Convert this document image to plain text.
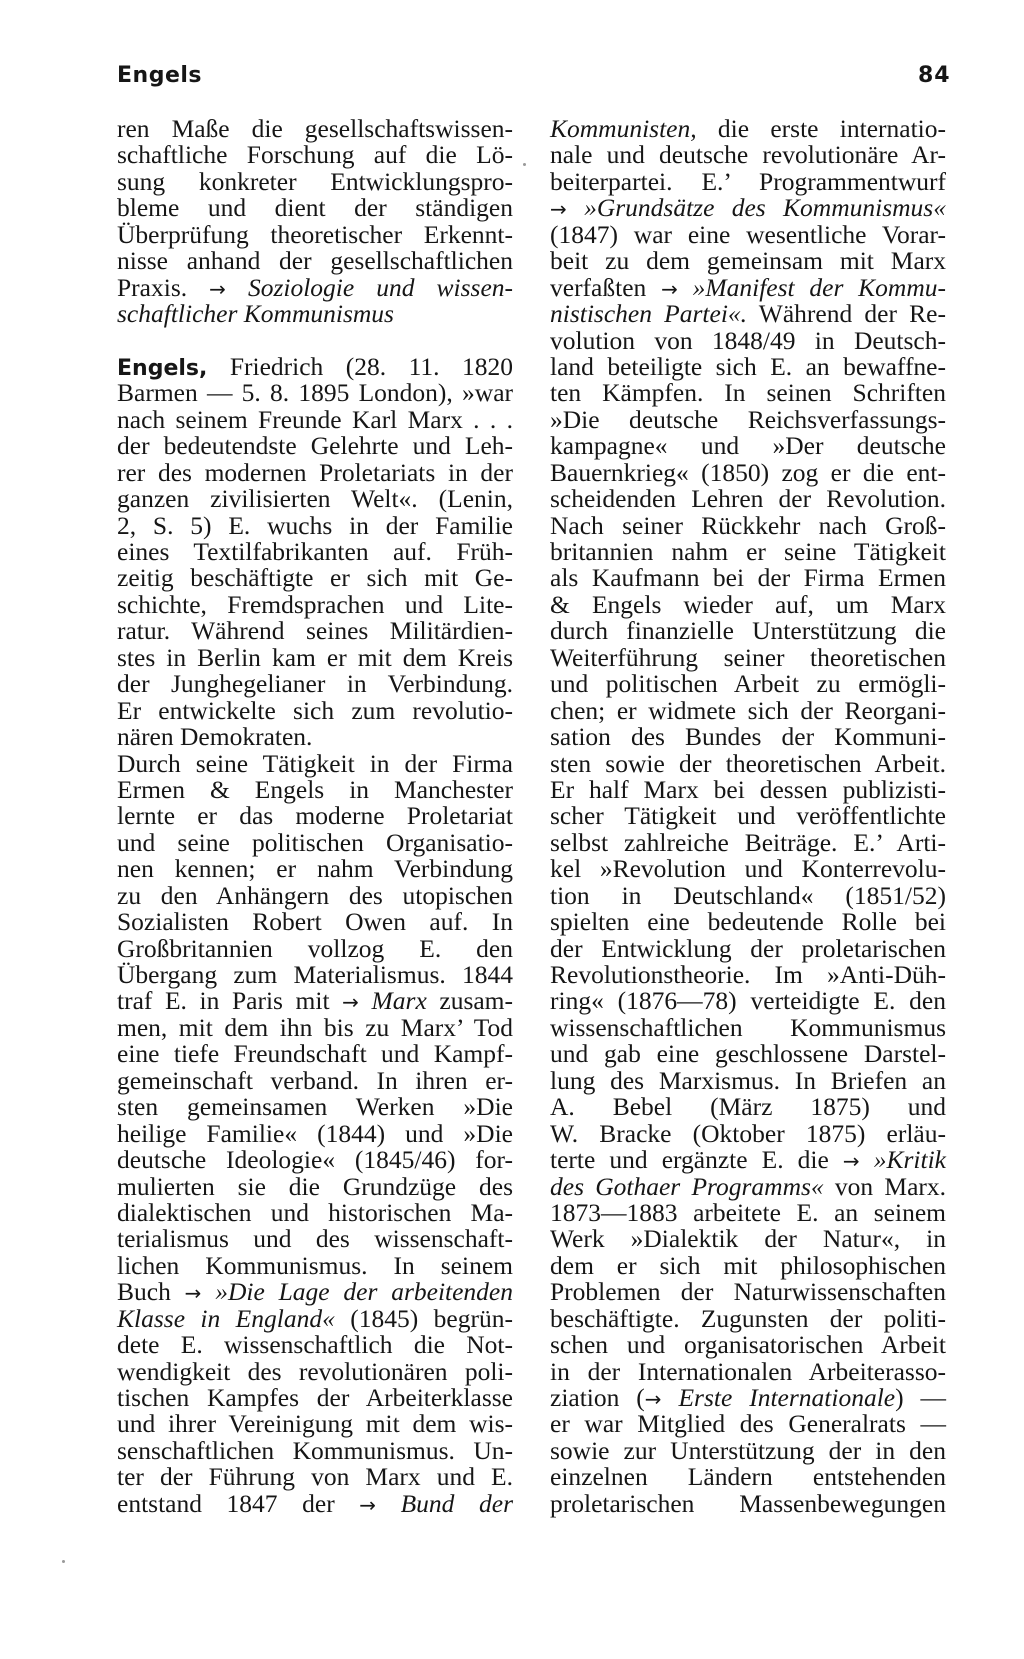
Engels	84
ren Maße die gesellschaftswissen-
schaftliche Forschung auf die Lö-
sung konkreter Entwicklungspro-
bleme und dient der ständigen
Überprüfung theoretischer Erkennt-
nisse anhand der gesellschaftlichen
Praxis. → Soziologie und wissen-
schaftlicher Kommunismus
Engels, Friedrich (28. 11. 1820
Barmen — 5. 8. 1895 London), »war
nach seinem Freunde Karl Marx . . .
der bedeutendste Gelehrte und Leh-
rer des modernen Proletariats in der
ganzen zivilisierten Welt«. (Lenin,
2, S. 5) E. wuchs in der Familie
eines Textilfabrikanten auf. Früh-
zeitig beschäftigte er sich mit Ge-
schichte, Fremdsprachen und Lite-
ratur. Während seines Militärdien-
stes in Berlin kam er mit dem Kreis
der Junghegelianer in Verbindung.
Er entwickelte sich zum revolutio-
nären Demokraten.
Durch seine Tätigkeit in der Firma
Ermen & Engels in Manchester
lernte er das moderne Proletariat
und seine politischen Organisatio-
nen kennen; er nahm Verbindung
zu den Anhängern des utopischen
Sozialisten Robert Owen auf. In
Großbritannien vollzog E. den
Übergang zum Materialismus. 1844
traf E. in Paris mit → Marx zusam-
men, mit dem ihn bis zu Marx’ Tod
eine tiefe Freundschaft und Kampf-
gemeinschaft verband. In ihren er-
sten gemeinsamen Werken »Die
heilige Familie« (1844) und »Die
deutsche Ideologie« (1845/46) for-
mulierten sie die Grundzüge des
dialektischen und historischen Ma-
terialismus und des wissenschaft-
lichen Kommunismus. In seinem
Buch → »Die Lage der arbeitenden
Klasse in England« (1845) begrün-
dete E. wissenschaftlich die Not-
wendigkeit des revolutionären poli-
tischen Kampfes der Arbeiterklasse
und ihrer Vereinigung mit dem wis-
senschaftlichen Kommunismus. Un-
ter der Führung von Marx und E.
entstand 1847 der → Bund der
Kommunisten, die erste internatio-
nale und deutsche revolutionäre Ar-
beiterpartei. E.’ Programmentwurf
→ »Grundsätze des Kommunismus«
(1847) war eine wesentliche Vorar-
beit zu dem gemeinsam mit Marx
verfaßten → »Manifest der Kommu-
nistischen Partei«. Während der Re-
volution von 1848/49 in Deutsch-
land beteiligte sich E. an bewaffne-
ten Kämpfen. In seinen Schriften
»Die deutsche Reichsverfassungs-
kampagne« und »Der deutsche
Bauernkrieg« (1850) zog er die ent-
scheidenden Lehren der Revolution.
Nach seiner Rückkehr nach Groß-
britannien nahm er seine Tätigkeit
als Kaufmann bei der Firma Ermen
& Engels wieder auf, um Marx
durch finanzielle Unterstützung die
Weiterführung seiner theoretischen
und politischen Arbeit zu ermögli-
chen; er widmete sich der Reorgani-
sation des Bundes der Kommuni-
sten sowie der theoretischen Arbeit.
Er half Marx bei dessen publizisti-
scher Tätigkeit und veröffentlichte
selbst zahlreiche Beiträge. E.’ Arti-
kel »Revolution und Konterrevolu-
tion in Deutschland« (1851/52)
spielten eine bedeutende Rolle bei
der Entwicklung der proletarischen
Revolutionstheorie. Im »Anti-Düh-
ring« (1876—78) verteidigte E. den
wissenschaftlichen Kommunismus
und gab eine geschlossene Darstel-
lung des Marxismus. In Briefen an
A. Bebel (März 1875) und
W. Bracke (Oktober 1875) erläu-
terte und ergänzte E. die → »Kritik
des Gothaer Programms« von Marx.
1873—1883 arbeitete E. an seinem
Werk »Dialektik der Natur«, in
dem er sich mit philosophischen
Problemen der Naturwissenschaften
beschäftigte. Zugunsten der politi-
schen und organisatorischen Arbeit
in der Internationalen Arbeiterasso-
ziation (→ Erste Internationale) —
er war Mitglied des Generalrats —
sowie zur Unterstützung der in den
einzelnen Ländern entstehenden
proletarischen Massenbewegungen
